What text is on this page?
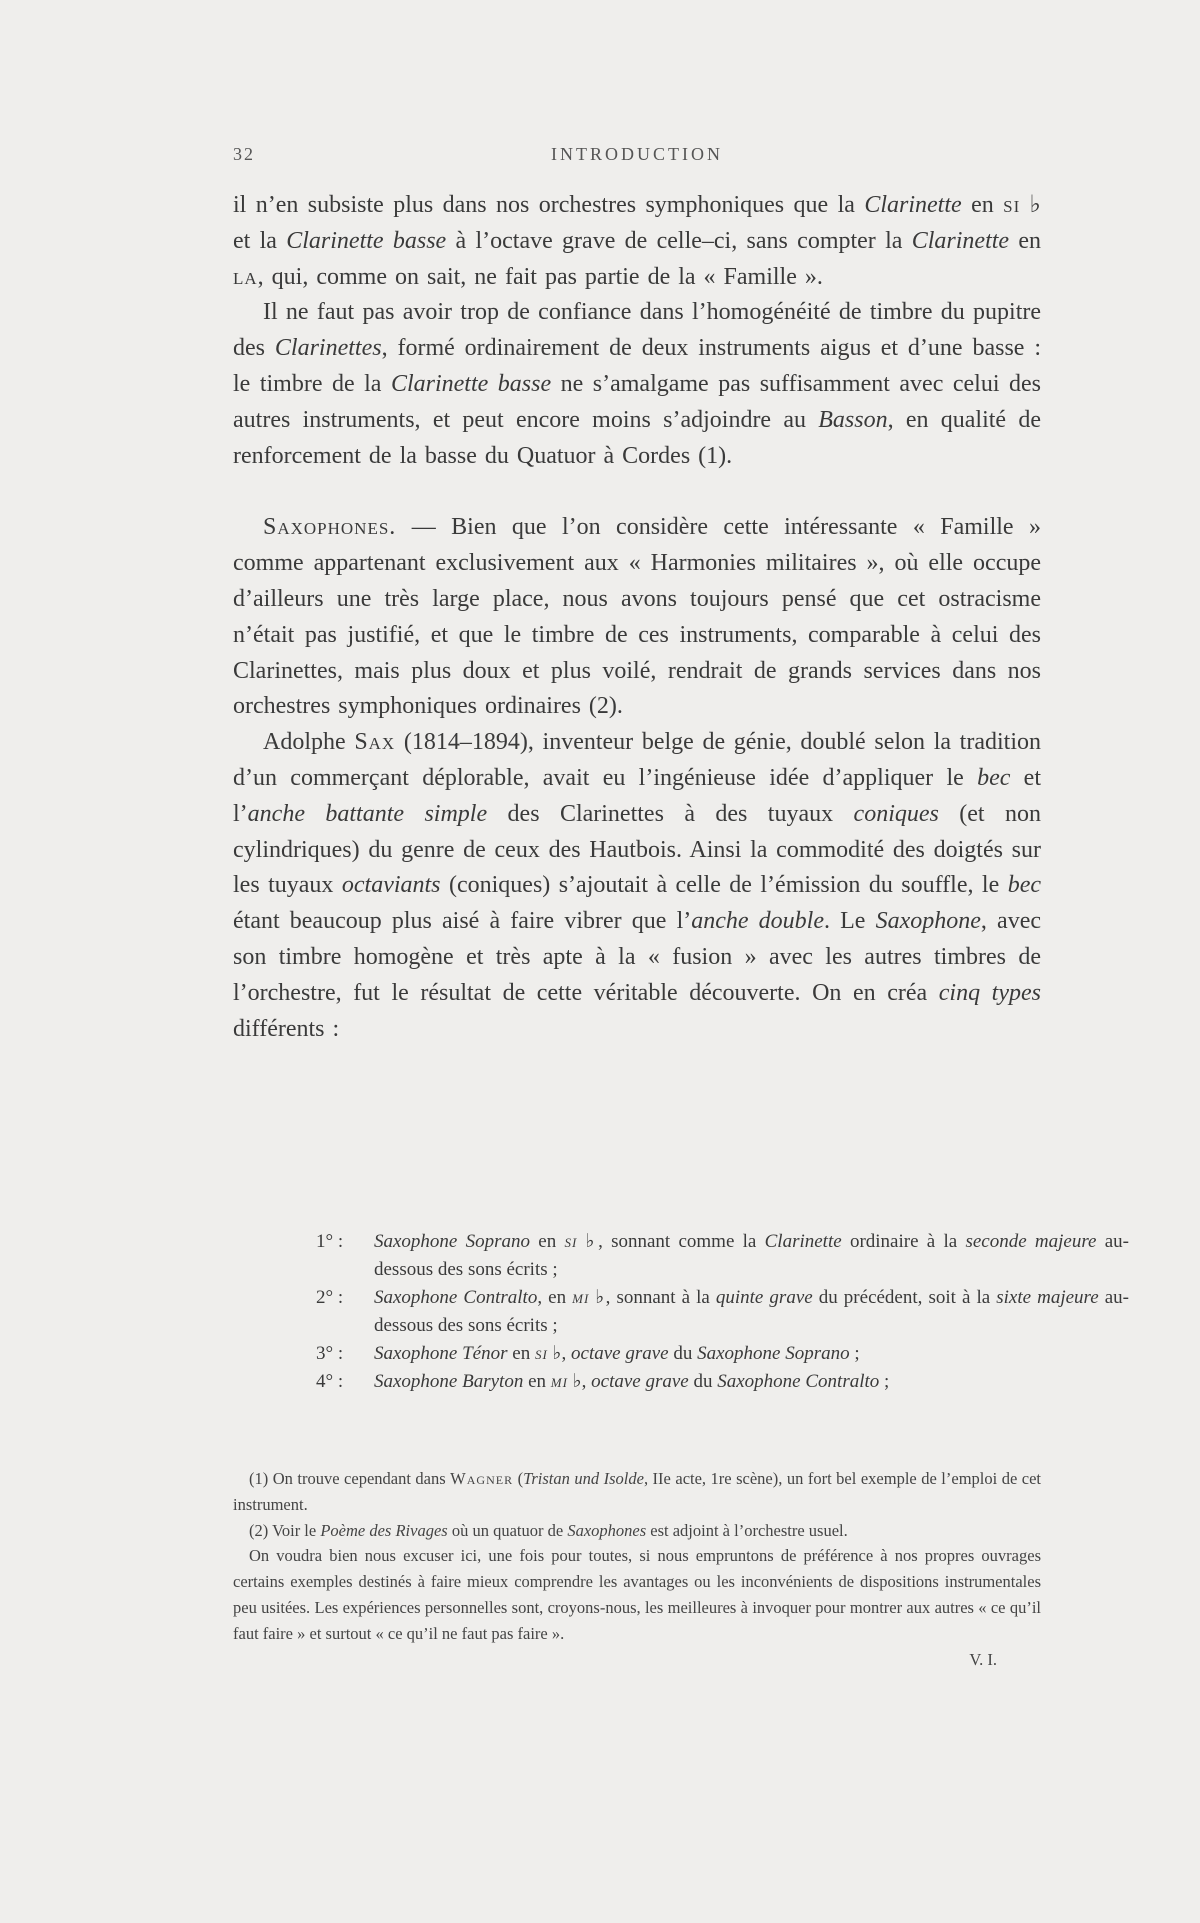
32	INTRODUCTION

il n’en subsiste plus dans nos orchestres symphoniques que la Clarinette en si ♭ et la Clarinette basse à l’octave grave de celle–ci, sans compter la Clarinette en la, qui, comme on sait, ne fait pas partie de la « Famille ».

Il ne faut pas avoir trop de confiance dans l’homogénéité de timbre du pupitre des Clarinettes, formé ordinairement de deux instruments aigus et d’une basse : le timbre de la Clarinette basse ne s’amalgame pas suffisamment avec celui des autres instruments, et peut encore moins s’adjoindre au Basson, en qualité de renforcement de la basse du Quatuor à Cordes (1).

Saxophones. — Bien que l’on considère cette intéressante « Famille » comme appartenant exclusivement aux « Harmonies militaires », où elle occupe d’ailleurs une très large place, nous avons toujours pensé que cet ostracisme n’était pas justifié, et que le timbre de ces instruments, comparable à celui des Clarinettes, mais plus doux et plus voilé, rendrait de grands services dans nos orchestres symphoniques ordinaires (2).

Adolphe Sax (1814–1894), inventeur belge de génie, doublé selon la tradition d’un commerçant déplorable, avait eu l’ingénieuse idée d’appliquer le bec et l’anche battante simple des Clarinettes à des tuyaux coniques (et non cylindriques) du genre de ceux des Hautbois. Ainsi la commodité des doigtés sur les tuyaux octaviants (coniques) s’ajoutait à celle de l’émission du souffle, le bec étant beaucoup plus aisé à faire vibrer que l’anche double. Le Saxophone, avec son timbre homogène et très apte à la « fusion » avec les autres timbres de l’orchestre, fut le résultat de cette véritable découverte. On en créa cinq types différents :

1° :	Saxophone Soprano en si ♭, sonnant comme la Clarinette ordinaire à la seconde majeure au-dessous des sons écrits ;
2° :	Saxophone Contralto, en mi ♭, sonnant à la quinte grave du précédent, soit à la sixte majeure au-dessous des sons écrits ;
3° :	Saxophone Ténor en si ♭, octave grave du Saxophone Soprano ;
4° :	Saxophone Baryton en mi ♭, octave grave du Saxophone Contralto ;

(1) On trouve cependant dans Wagner (Tristan und Isolde, IIe acte, 1re scène), un fort bel exemple de l’emploi de cet instrument.

(2) Voir le Poème des Rivages où un quatuor de Saxophones est adjoint à l’orchestre usuel.

On voudra bien nous excuser ici, une fois pour toutes, si nous empruntons de préférence à nos propres ouvrages certains exemples destinés à faire mieux comprendre les avantages ou les inconvénients de dispositions instrumentales peu usitées. Les expériences personnelles sont, croyons-nous, les meilleures à invoquer pour montrer aux autres « ce qu’il faut faire » et surtout « ce qu’il ne faut pas faire ».

V. I.
